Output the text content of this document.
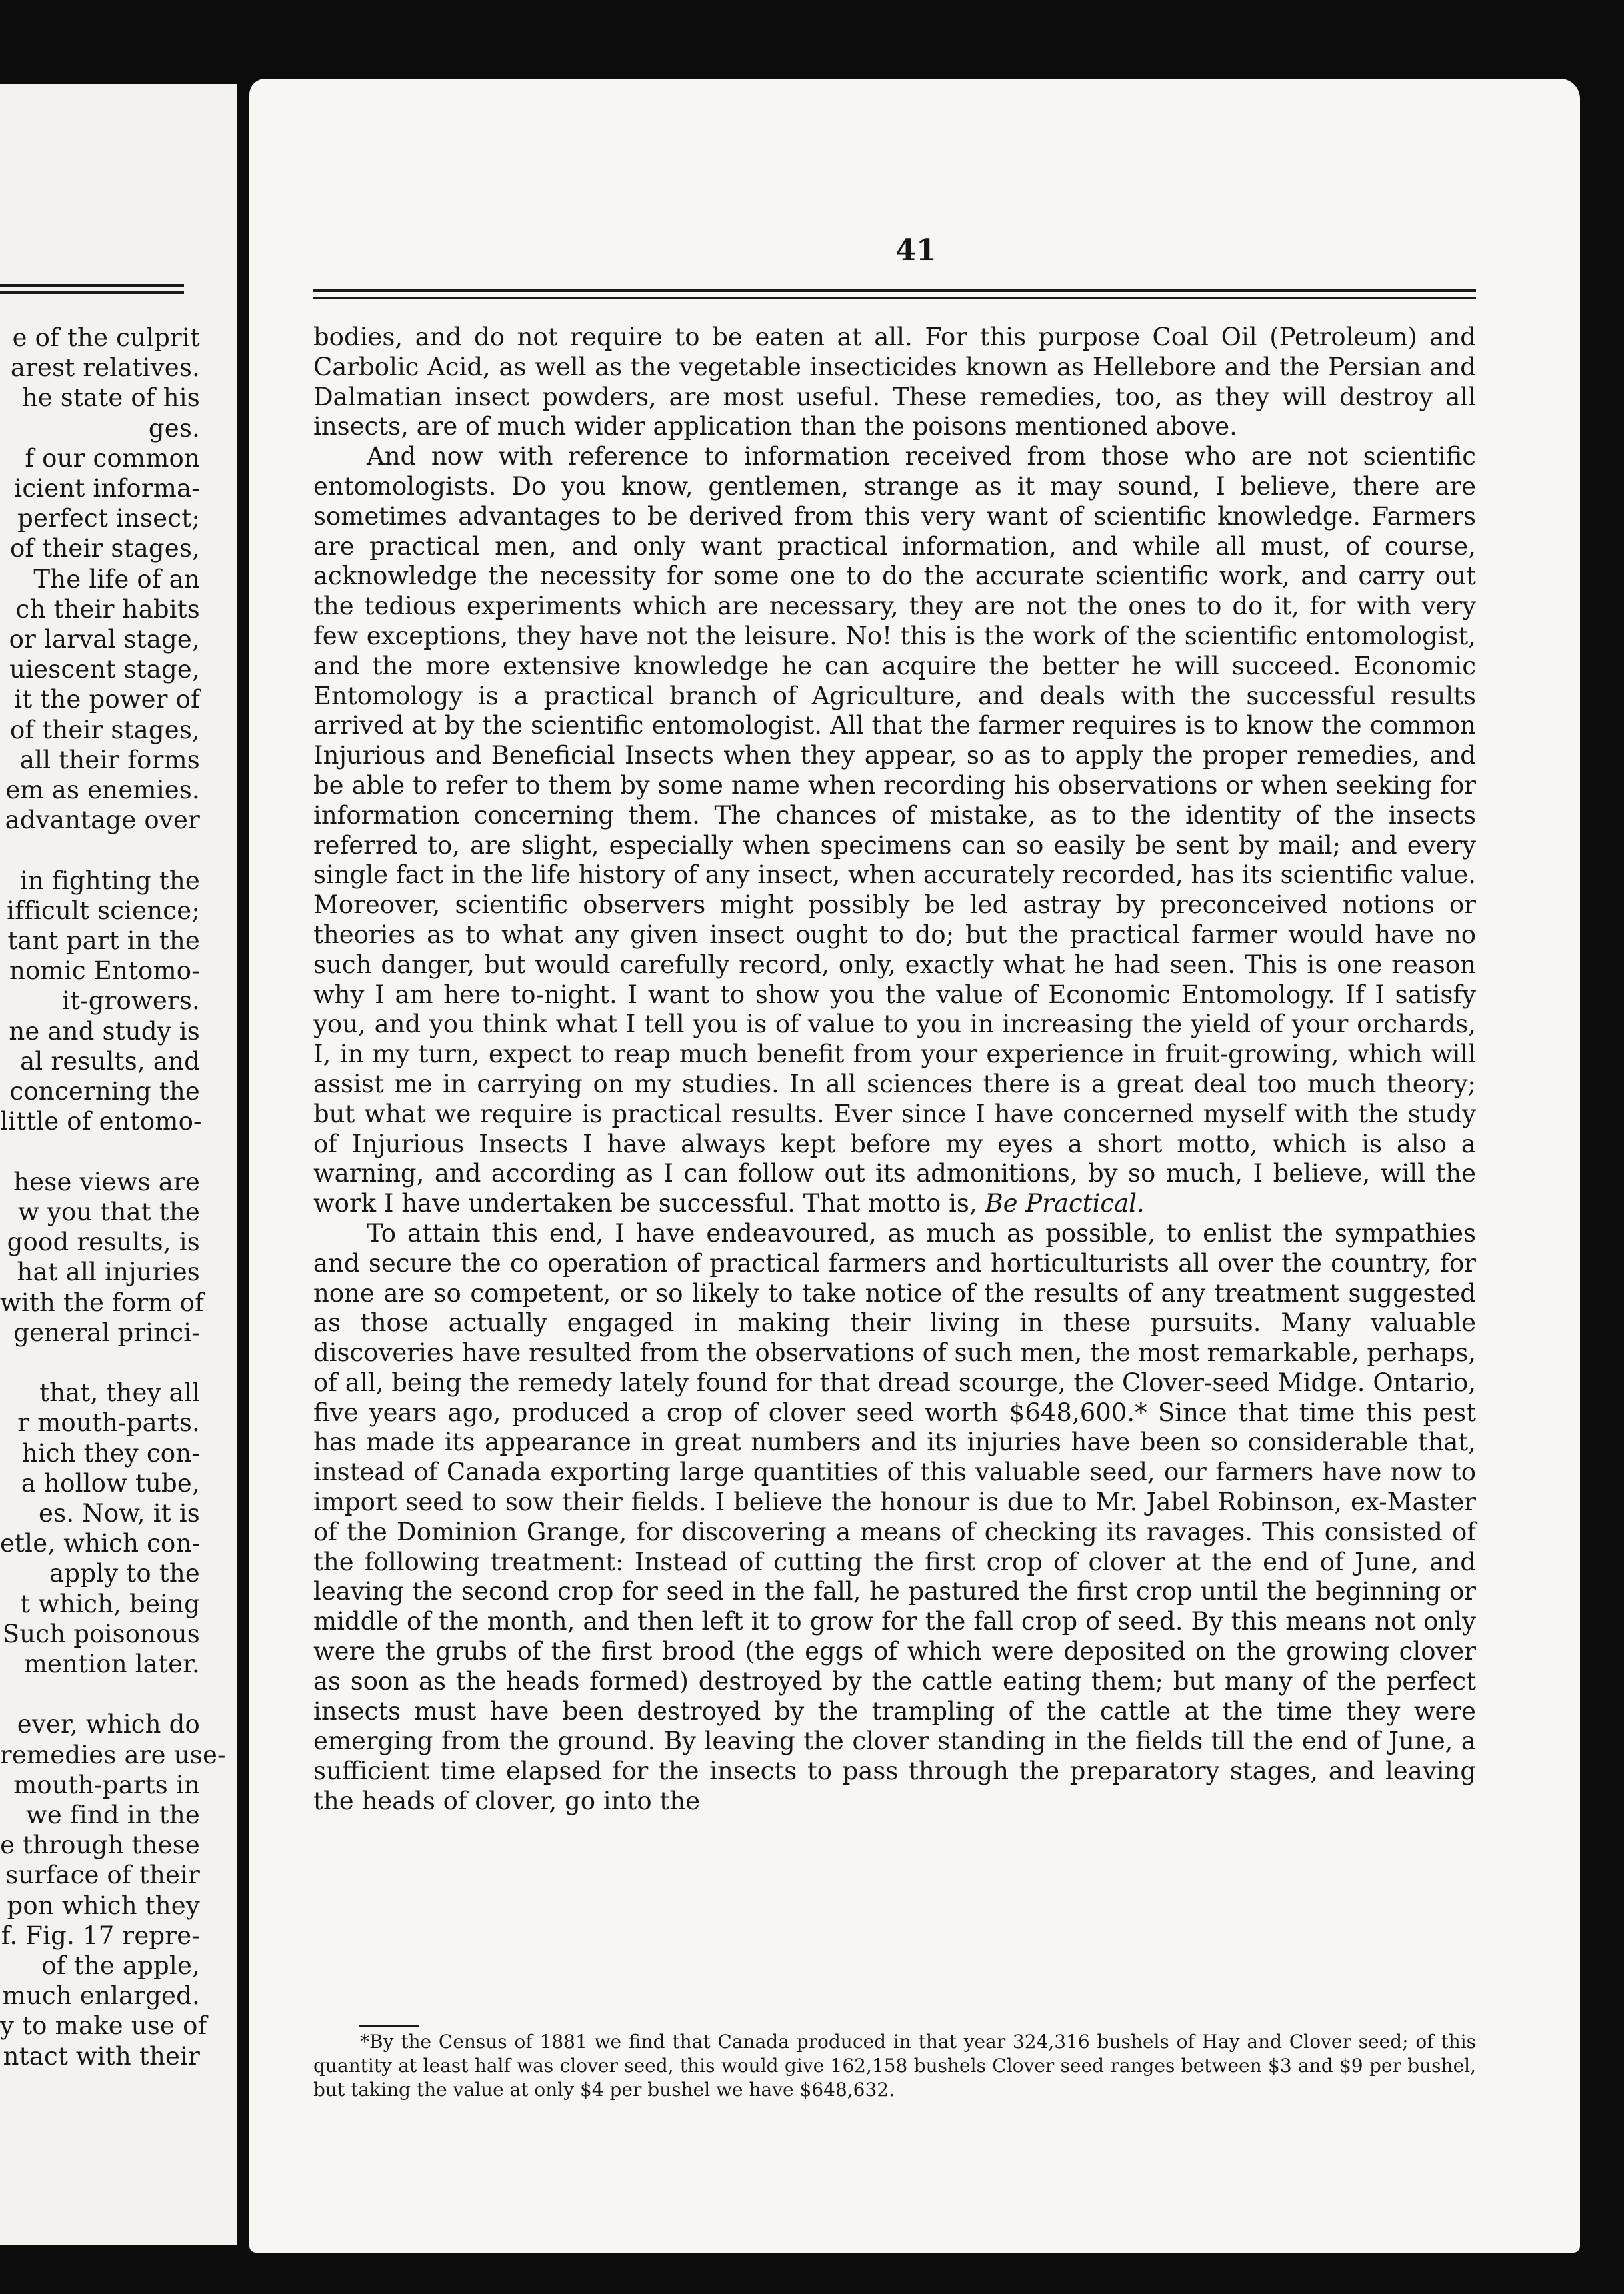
e of the culprit
arest relatives.
he state of his
ges.
f our common
icient informa-
perfect insect;
of their stages,
The life of an
ch their habits
or larval stage,
uiescent stage,
it the power of
of their stages,
all their forms
em as enemies.
advantage over

in fighting the
ifficult science;
tant part in the
nomic Entomo-
it-growers.
ne and study is
al results, and
concerning the
little of entomo-

hese views are
w you that the
good results, is
hat all injuries
with the form of
general princi-

that, they all
r mouth-parts.
hich they con-
a hollow tube,
es. Now, it is
etle, which con-
apply to the
t which, being
Such poisonous
mention later.

ever, which do
remedies are use-
mouth-parts in
we find in the
e through these
surface of their
pon which they
f. Fig. 17 repre-
of the apple,
much enlarged.
y to make use of
ntact with their
41

bodies, and do not require to be eaten at all. For this purpose Coal Oil (Petroleum) and Carbolic Acid, as well as the vegetable insecticides known as Hellebore and the Persian and Dalmatian insect powders, are most useful. These remedies, too, as they will destroy all insects, are of much wider application than the poisons mentioned above.

And now with reference to information received from those who are not scientific entomologists. Do you know, gentlemen, strange as it may sound, I believe, there are sometimes advantages to be derived from this very want of scientific knowledge. Farmers are practical men, and only want practical information, and while all must, of course, acknowledge the necessity for some one to do the accurate scientific work, and carry out the tedious experiments which are necessary, they are not the ones to do it, for with very few exceptions, they have not the leisure. No! this is the work of the scientific entomologist, and the more extensive knowledge he can acquire the better he will succeed. Economic Entomology is a practical branch of Agriculture, and deals with the successful results arrived at by the scientific entomologist. All that the farmer requires is to know the common Injurious and Beneficial Insects when they appear, so as to apply the proper remedies, and be able to refer to them by some name when recording his observations or when seeking for information concerning them. The chances of mistake, as to the identity of the insects referred to, are slight, especially when specimens can so easily be sent by mail; and every single fact in the life history of any insect, when accurately recorded, has its scientific value. Moreover, scientific observers might possibly be led astray by preconceived notions or theories as to what any given insect ought to do; but the practical farmer would have no such danger, but would carefully record, only, exactly what he had seen. This is one reason why I am here to-night. I want to show you the value of Economic Entomology. If I satisfy you, and you think what I tell you is of value to you in increasing the yield of your orchards, I, in my turn, expect to reap much benefit from your experience in fruit-growing, which will assist me in carrying on my studies. In all sciences there is a great deal too much theory; but what we require is practical results. Ever since I have concerned myself with the study of Injurious Insects I have always kept before my eyes a short motto, which is also a warning, and according as I can follow out its admonitions, by so much, I believe, will the work I have undertaken be successful. That motto is, Be Practical.

To attain this end, I have endeavoured, as much as possible, to enlist the sympathies and secure the co operation of practical farmers and horticulturists all over the country, for none are so competent, or so likely to take notice of the results of any treatment suggested as those actually engaged in making their living in these pursuits. Many valuable discoveries have resulted from the observations of such men, the most remarkable, perhaps, of all, being the remedy lately found for that dread scourge, the Clover-seed Midge. Ontario, five years ago, produced a crop of clover seed worth $648,600.* Since that time this pest has made its appearance in great numbers and its injuries have been so considerable that, instead of Canada exporting large quantities of this valuable seed, our farmers have now to import seed to sow their fields. I believe the honour is due to Mr. Jabel Robinson, ex-Master of the Dominion Grange, for discovering a means of checking its ravages. This consisted of the following treatment: Instead of cutting the first crop of clover at the end of June, and leaving the second crop for seed in the fall, he pastured the first crop until the beginning or middle of the month, and then left it to grow for the fall crop of seed. By this means not only were the grubs of the first brood (the eggs of which were deposited on the growing clover as soon as the heads formed) destroyed by the cattle eating them; but many of the perfect insects must have been destroyed by the trampling of the cattle at the time they were emerging from the ground. By leaving the clover standing in the fields till the end of June, a sufficient time elapsed for the insects to pass through the preparatory stages, and leaving the heads of clover, go into the

*By the Census of 1881 we find that Canada produced in that year 324,316 bushels of Hay and Clover seed; of this quantity at least half was clover seed, this would give 162,158 bushels Clover seed ranges between $3 and $9 per bushel, but taking the value at only $4 per bushel we have $648,632.
